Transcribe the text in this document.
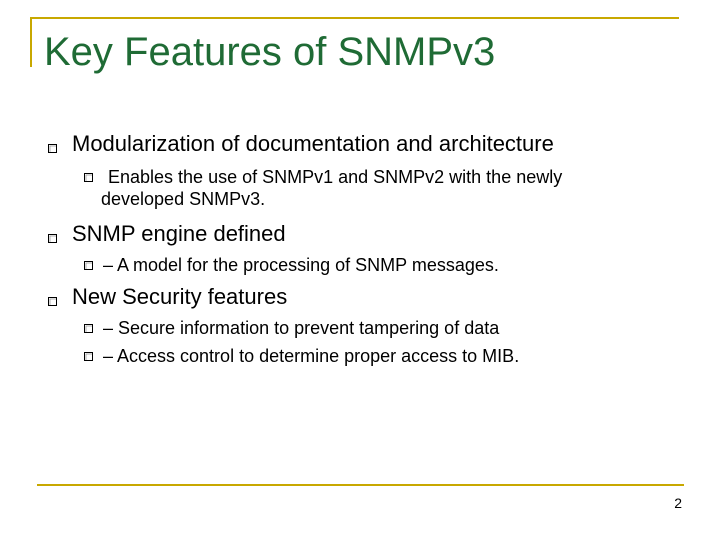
Key Features of SNMPv3
Modularization of documentation and architecture
Enables the use of SNMPv1 and SNMPv2 with the newly developed SNMPv3.
SNMP engine defined
– A model for the processing of SNMP messages.
New Security features
– Secure information to prevent tampering of data
– Access control to determine proper access to MIB.
2
